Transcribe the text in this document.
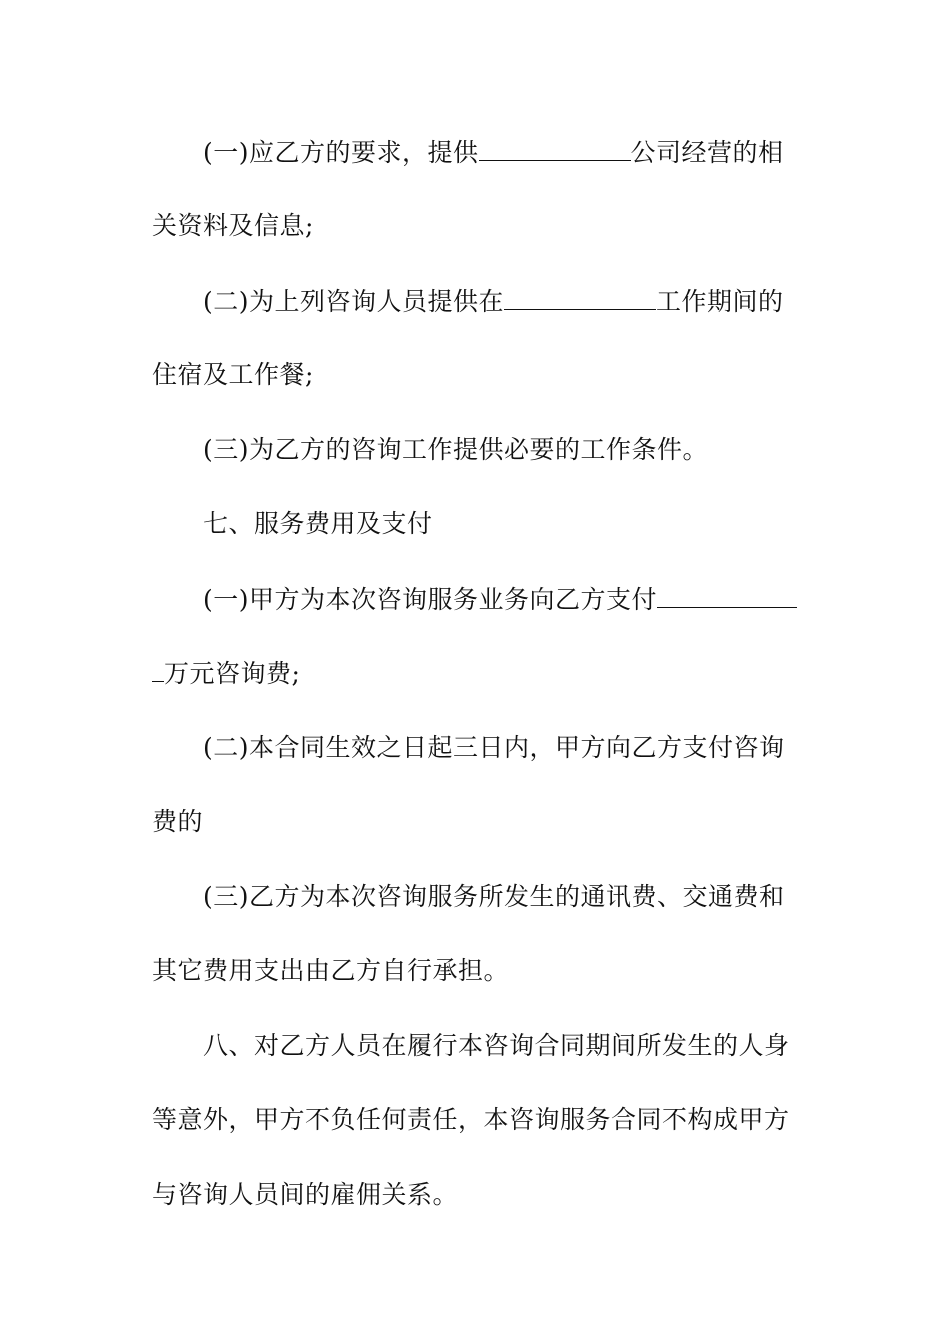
(一)应乙方的要求，提供	公司经营的相
关资料及信息;
(二)为上列咨询人员提供在	工作期间的
住宿及工作餐;
(三)为乙方的咨询工作提供必要的工作条件。
七、服务费用及支付
(一)甲方为本次咨询服务业务向乙方支付
万元咨询费;
(二)本合同生效之日起三日内，甲方向乙方支付咨询
费的
(三)乙方为本次咨询服务所发生的通讯费、交通费和
其它费用支出由乙方自行承担。
八、对乙方人员在履行本咨询合同期间所发生的人身
等意外，甲方不负任何责任，本咨询服务合同不构成甲方
与咨询人员间的雇佣关系。
